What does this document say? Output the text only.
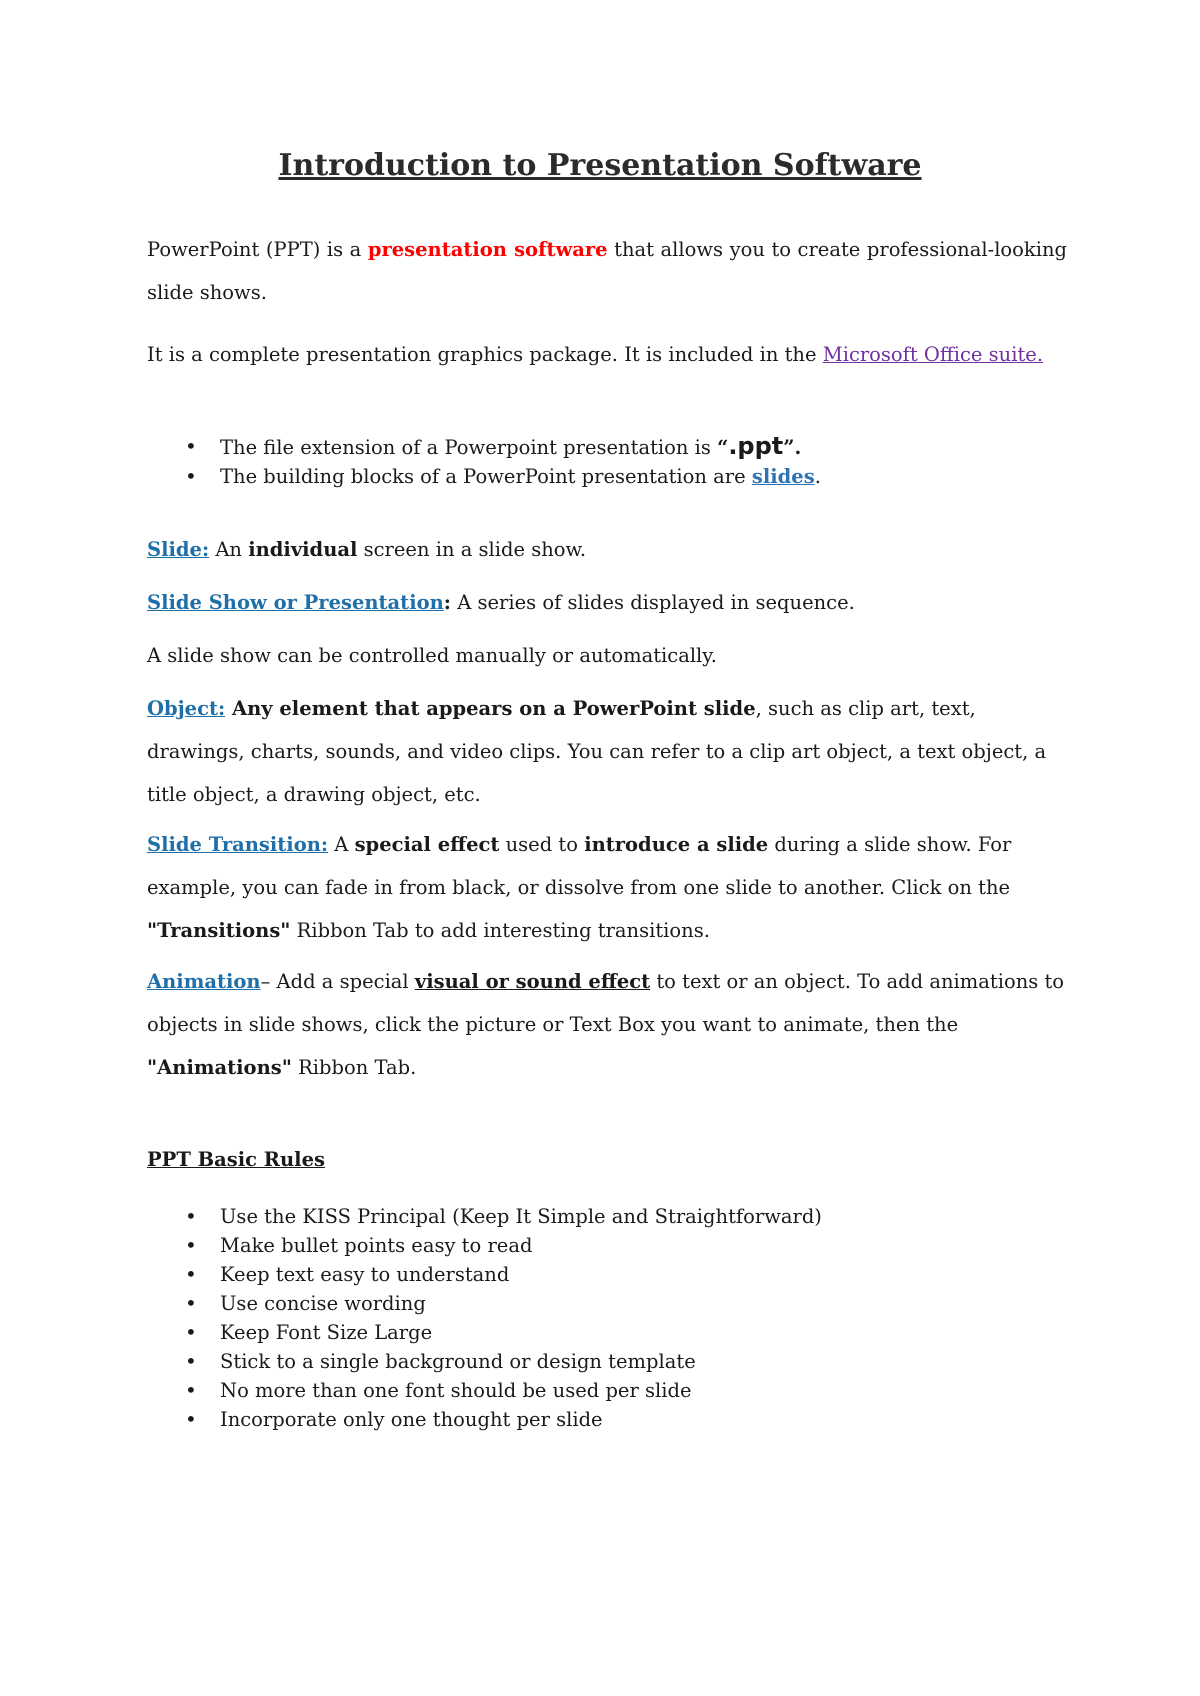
Introduction to Presentation Software

PowerPoint (PPT) is a presentation software that allows you to create professional-looking slide shows.

It is a complete presentation graphics package. It is included in the Microsoft Office suite.

• The file extension of a Powerpoint presentation is “.ppt”.
• The building blocks of a PowerPoint presentation are slides.

Slide: An individual screen in a slide show.

Slide Show or Presentation: A series of slides displayed in sequence.

A slide show can be controlled manually or automatically.

Object: Any element that appears on a PowerPoint slide, such as clip art, text, drawings, charts, sounds, and video clips. You can refer to a clip art object, a text object, a title object, a drawing object, etc.

Slide Transition: A special effect used to introduce a slide during a slide show. For example, you can fade in from black, or dissolve from one slide to another. Click on the "Transitions" Ribbon Tab to add interesting transitions.

Animation– Add a special visual or sound effect to text or an object. To add animations to objects in slide shows, click the picture or Text Box you want to animate, then the "Animations" Ribbon Tab.

PPT Basic Rules
• Use the KISS Principal (Keep It Simple and Straightforward)
• Make bullet points easy to read
• Keep text easy to understand
• Use concise wording
• Keep Font Size Large
• Stick to a single background or design template
• No more than one font should be used per slide
• Incorporate only one thought per slide
